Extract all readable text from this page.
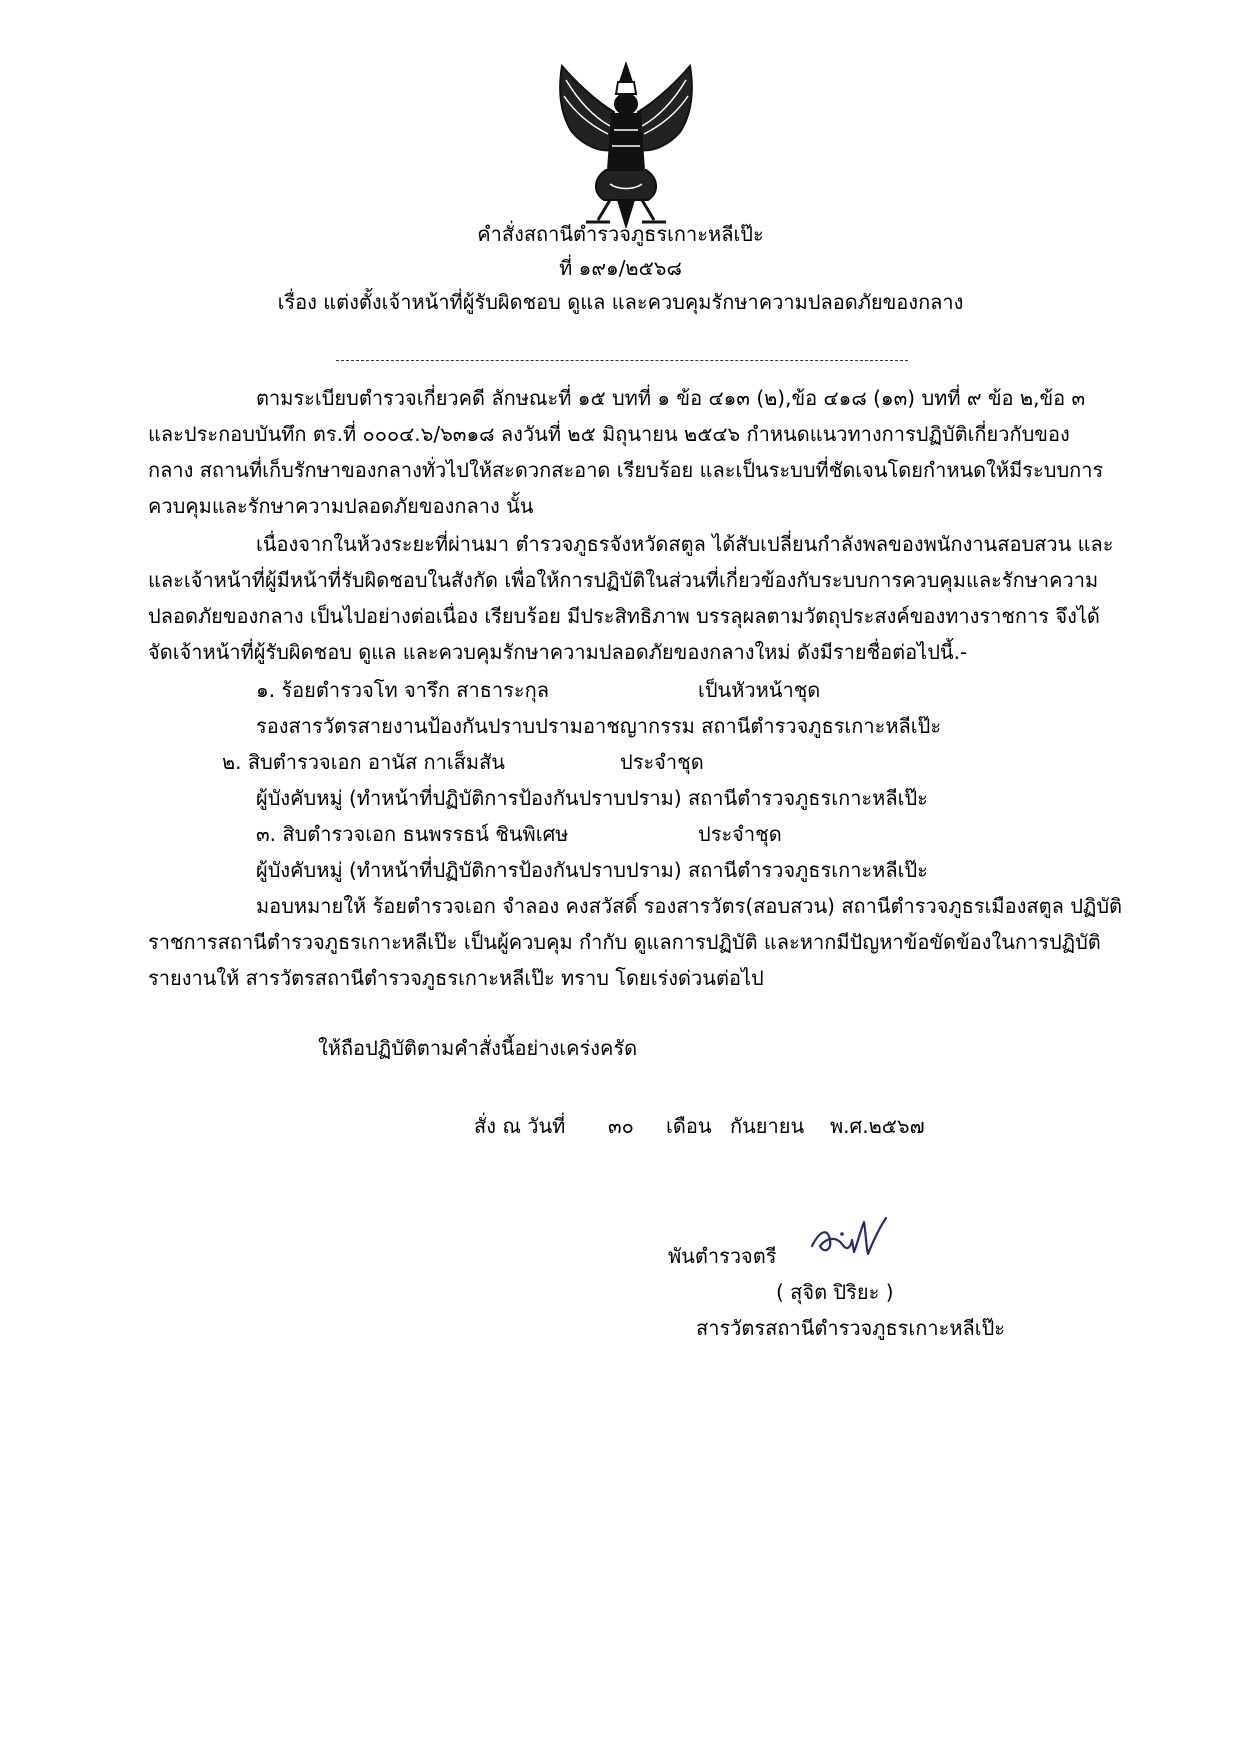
คำสั่งสถานีตำรวจภูธรเกาะหลีเป๊ะ
ที่ ๑๙๑/๒๕๖๘
เรื่อง แต่งตั้งเจ้าหน้าที่ผู้รับผิดชอบ ดูแล และควบคุมรักษาความปลอดภัยของกลาง
ตามระเบียบตำรวจเกี่ยวคดี ลักษณะที่ ๑๕ บทที่ ๑ ข้อ ๔๑๓ (๒),ข้อ ๔๑๘ (๑๓) บทที่ ๙ ข้อ ๒,ข้อ ๓
และประกอบบันทึก ตร.ที่ ๐๐๐๔.๖/๖๓๑๘ ลงวันที่ ๒๕ มิถุนายน ๒๕๔๖ กำหนดแนวทางการปฏิบัติเกี่ยวกับของ
กลาง สถานที่เก็บรักษาของกลางทั่วไปให้สะดวกสะอาด เรียบร้อย และเป็นระบบที่ชัดเจนโดยกำหนดให้มีระบบการ
ควบคุมและรักษาความปลอดภัยของกลาง นั้น
เนื่องจากในห้วงระยะที่ผ่านมา ตำรวจภูธรจังหวัดสตูล ได้สับเปลี่ยนกำลังพลของพนักงานสอบสวน และ
และเจ้าหน้าที่ผู้มีหน้าที่รับผิดชอบในสังกัด เพื่อให้การปฏิบัติในส่วนที่เกี่ยวข้องกับระบบการควบคุมและรักษาความ
ปลอดภัยของกลาง เป็นไปอย่างต่อเนื่อง เรียบร้อย มีประสิทธิภาพ บรรลุผลตามวัตถุประสงค์ของทางราชการ จึงได้
จัดเจ้าหน้าที่ผู้รับผิดชอบ ดูแล และควบคุมรักษาความปลอดภัยของกลางใหม่ ดังมีรายชื่อต่อไปนี้.-
๑. ร้อยตำรวจโท จารึก สาธาระกุล	เป็นหัวหน้าชุด
รองสารวัตรสายงานป้องกันปราบปรามอาชญากรรม สถานีตำรวจภูธรเกาะหลีเป๊ะ
๒. สิบตำรวจเอก อานัส กาเส็มสัน	ประจำชุด
ผู้บังคับหมู่ (ทำหน้าที่ปฏิบัติการป้องกันปราบปราม) สถานีตำรวจภูธรเกาะหลีเป๊ะ
๓. สิบตำรวจเอก ธนพรรธน์ ชินพิเศษ	ประจำชุด
ผู้บังคับหมู่ (ทำหน้าที่ปฏิบัติการป้องกันปราบปราม) สถานีตำรวจภูธรเกาะหลีเป๊ะ
มอบหมายให้ ร้อยตำรวจเอก จำลอง คงสวัสดิ์ รองสารวัตร(สอบสวน) สถานีตำรวจภูธรเมืองสตูล ปฏิบัติ
ราชการสถานีตำรวจภูธรเกาะหลีเป๊ะ เป็นผู้ควบคุม กำกับ ดูแลการปฏิบัติ และหากมีปัญหาข้อขัดข้องในการปฏิบัติ
รายงานให้ สารวัตรสถานีตำรวจภูธรเกาะหลีเป๊ะ ทราบ โดยเร่งด่วนต่อไป
ให้ถือปฏิบัติตามคำสั่งนี้อย่างเคร่งครัด
สั่ง ณ วันที่ ๓๐ เดือน กันยายน พ.ศ.๒๕๖๗
พันตำรวจตรี
( สุจิต ปิริยะ )
สารวัตรสถานีตำรวจภูธรเกาะหลีเป๊ะ
